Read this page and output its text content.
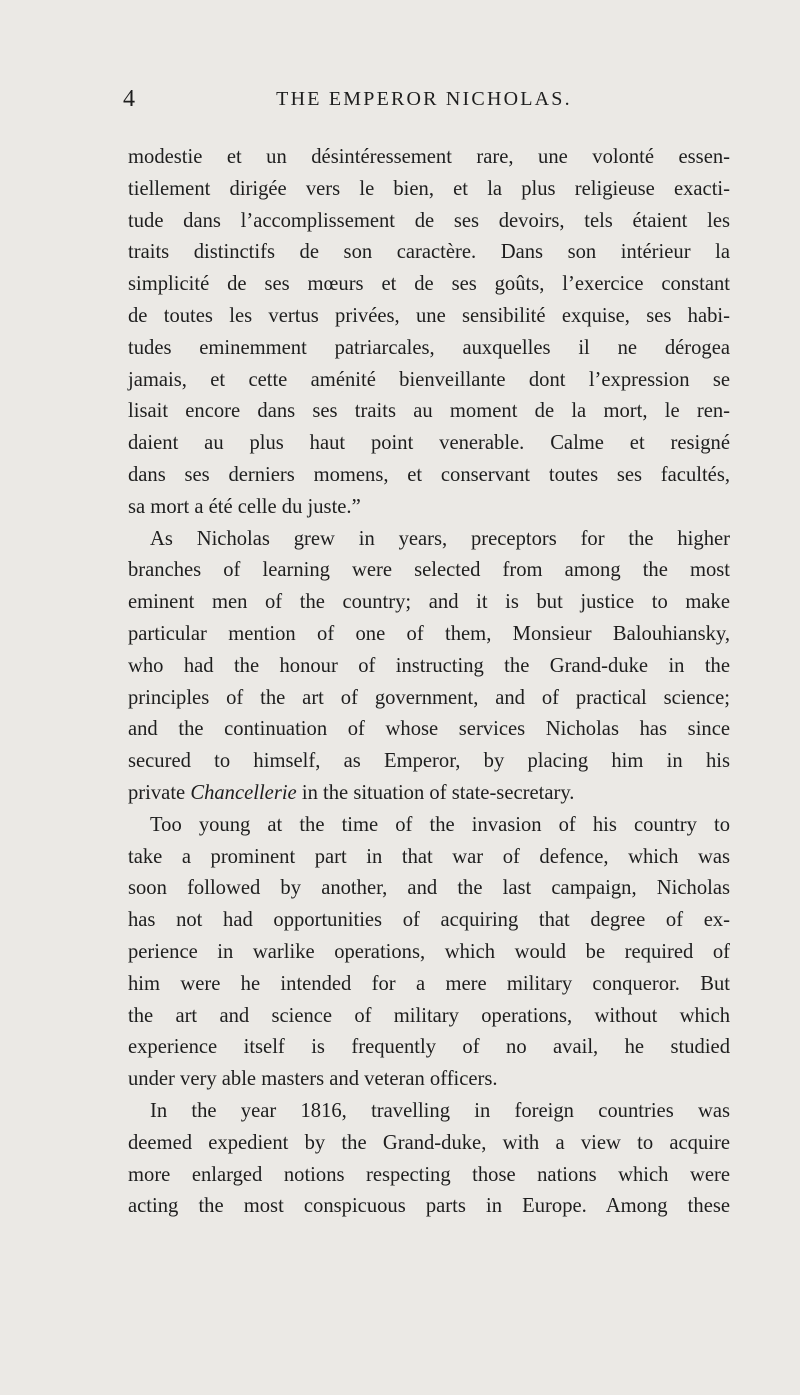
4	THE EMPEROR NICHOLAS.
modestie et un désintéressement rare, une volonté essen-
tiellement dirigée vers le bien, et la plus religieuse exacti-
tude dans l’accomplissement de ses devoirs, tels étaient les
traits distinctifs de son caractère. Dans son intérieur la
simplicité de ses mœurs et de ses goûts, l’exercice constant
de toutes les vertus privées, une sensibilité exquise, ses habi-
tudes eminemment patriarcales, auxquelles il ne dérogea
jamais, et cette aménité bienveillante dont l’expression se
lisait encore dans ses traits au moment de la mort, le ren-
daient au plus haut point venerable. Calme et resigné
dans ses derniers momens, et conservant toutes ses facultés,
sa mort a été celle du juste.”
As Nicholas grew in years, preceptors for the higher
branches of learning were selected from among the most
eminent men of the country; and it is but justice to make
particular mention of one of them, Monsieur Balouhiansky,
who had the honour of instructing the Grand-duke in the
principles of the art of government, and of practical science;
and the continuation of whose services Nicholas has since
secured to himself, as Emperor, by placing him in his
private Chancellerie in the situation of state-secretary.
Too young at the time of the invasion of his country to
take a prominent part in that war of defence, which was
soon followed by another, and the last campaign, Nicholas
has not had opportunities of acquiring that degree of ex-
perience in warlike operations, which would be required of
him were he intended for a mere military conqueror. But
the art and science of military operations, without which
experience itself is frequently of no avail, he studied
under very able masters and veteran officers.
In the year 1816, travelling in foreign countries was
deemed expedient by the Grand-duke, with a view to acquire
more enlarged notions respecting those nations which were
acting the most conspicuous parts in Europe. Among these
